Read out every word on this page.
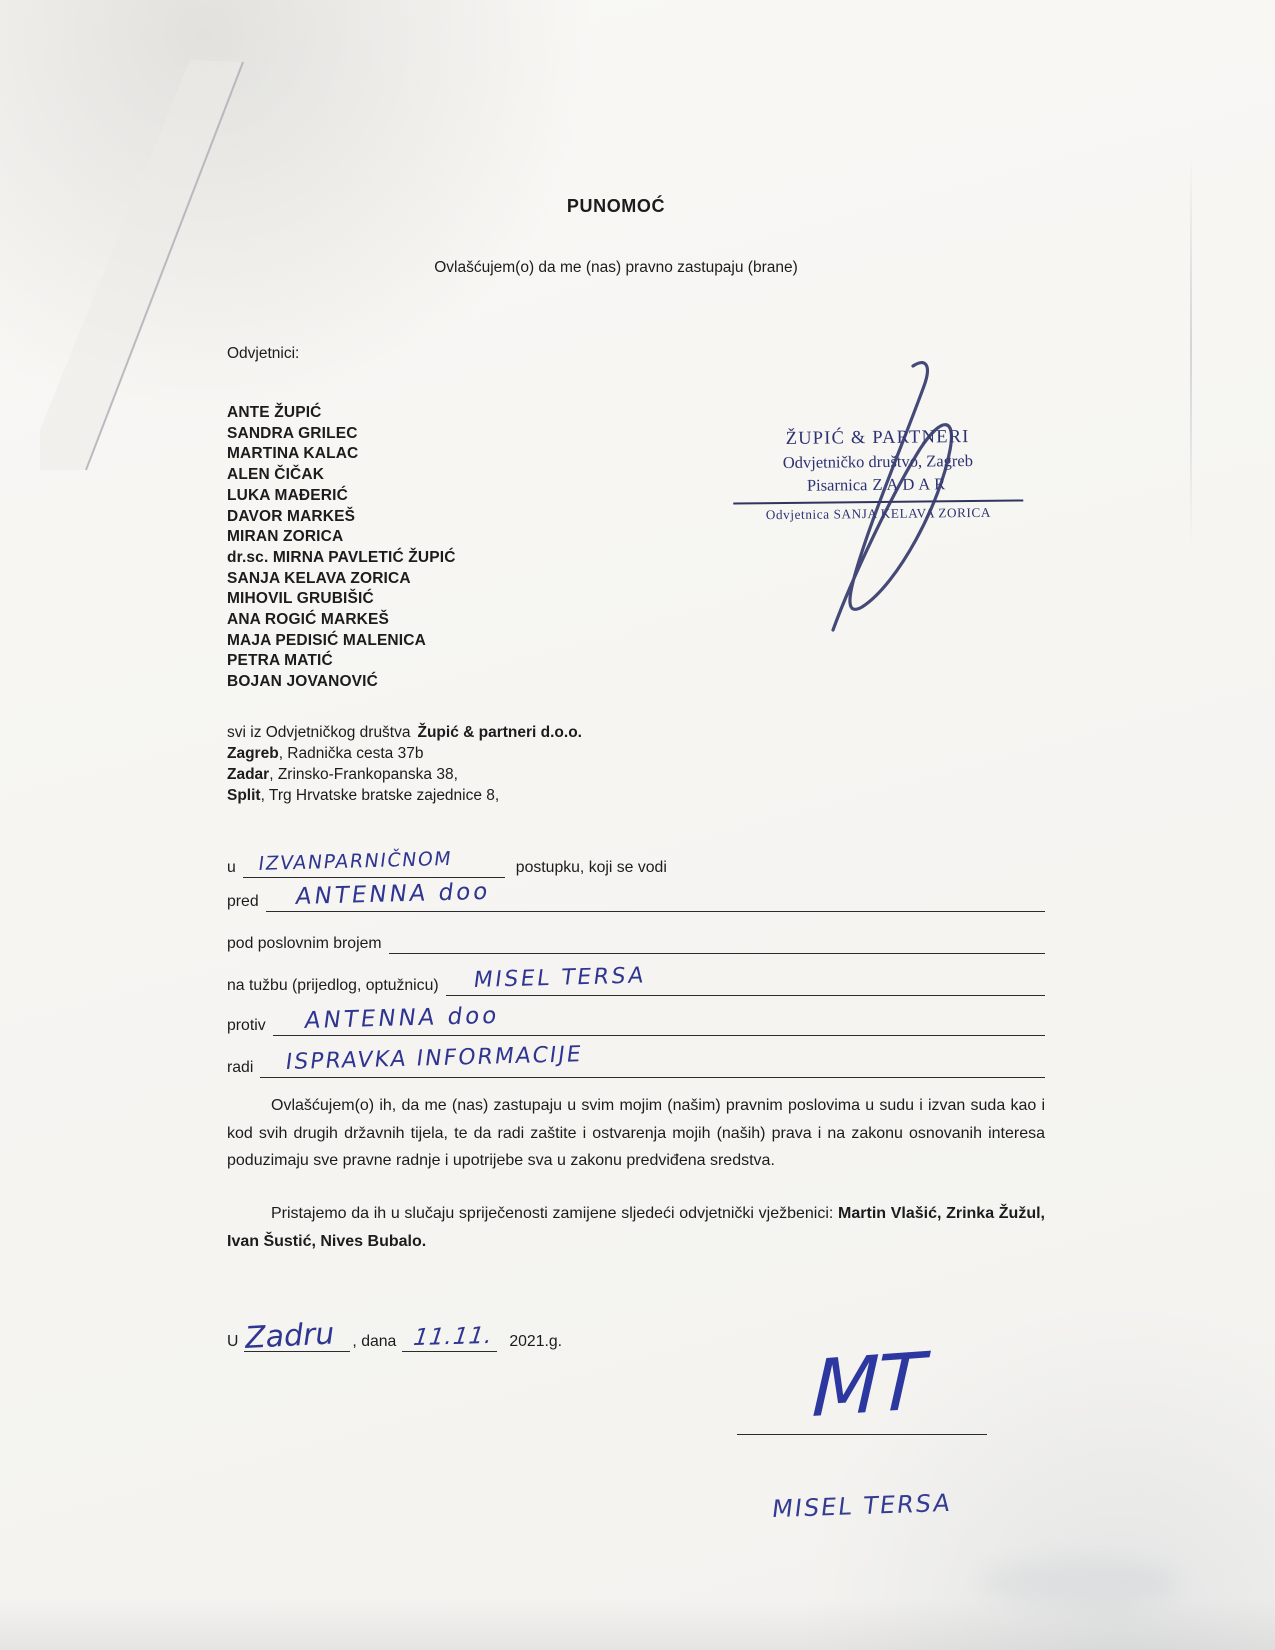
PUNOMOĆ
Ovlašćujem(o) da me (nas) pravno zastupaju (brane)
Odvjetnici:
ANTE ŽUPIĆ
SANDRA GRILEC
MARTINA KALAC
ALEN ČIČAK
LUKA MAĐERIĆ
DAVOR MARKEŠ
MIRAN ZORICA
dr.sc. MIRNA PAVLETIĆ ŽUPIĆ
SANJA KELAVA ZORICA
MIHOVIL GRUBIŠIĆ
ANA ROGIĆ MARKEŠ
MAJA PEDISIĆ MALENICA
PETRA MATIĆ
BOJAN JOVANOVIĆ
svi iz Odvjetničkog društva Župić & partneri d.o.o.
Zagreb, Radnička cesta 37b
Zadar, Zrinsko-Frankopanska 38,
Split, Trg Hrvatske bratske zajednice 8,
u IZVANPARNIČNOM	postupku, koji se vodi
pred ANTENNA doo
pod poslovnim brojem
na tužbu (prijedlog, optužnicu) MISEL TERSA
protiv ANTENNA doo
radi ISPRAVKA INFORMACIJE
Ovlašćujem(o) ih, da me (nas) zastupaju u svim mojim (našim) pravnim poslovima u sudu i izvan suda kao i kod svih drugih državnih tijela, te da radi zaštite i ostvarenja mojih (naših) prava i na zakonu osnovanih interesa poduzimaju sve pravne radnje i upotrijebe sva u zakonu predviđena sredstva.
Pristajemo da ih u slučaju spriječenosti zamijene sljedeći odvjetnički vježbenici: Martin Vlašić, Zrinka Žužul, Ivan Šustić, Nives Bubalo.
U Zadru , dana 11.11. 2021.g.
ŽUPIĆ & PARTNERI
Odvjetničko društvo, Zagreb
Pisarnica ZADAR
Odvjetnica SANJA KELAVA ZORICA
MT
MISEL TERSA
